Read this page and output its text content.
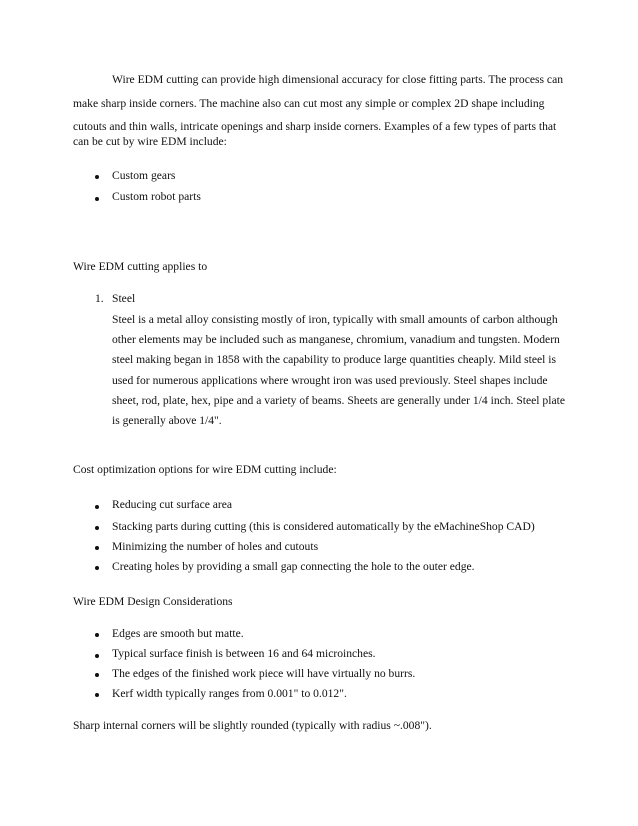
Wire EDM cutting can provide high dimensional accuracy for close fitting parts. The process can
make sharp inside corners. The machine also can cut most any simple or complex 2D shape including
cutouts and thin walls, intricate openings and sharp inside corners. Examples of a few types of parts that
can be cut by wire EDM include:
Custom gears
Custom robot parts
Wire EDM cutting applies to
1. Steel
Steel is a metal alloy consisting mostly of iron, typically with small amounts of carbon although
other elements may be included such as manganese, chromium, vanadium and tungsten. Modern
steel making began in 1858 with the capability to produce large quantities cheaply. Mild steel is
used for numerous applications where wrought iron was used previously. Steel shapes include
sheet, rod, plate, hex, pipe and a variety of beams. Sheets are generally under 1/4 inch. Steel plate
is generally above 1/4".
Cost optimization options for wire EDM cutting include:
Reducing cut surface area
Stacking parts during cutting (this is considered automatically by the eMachineShop CAD)
Minimizing the number of holes and cutouts
Creating holes by providing a small gap connecting the hole to the outer edge.
Wire EDM Design Considerations
Edges are smooth but matte.
Typical surface finish is between 16 and 64 microinches.
The edges of the finished work piece will have virtually no burrs.
Kerf width typically ranges from 0.001" to 0.012".
Sharp internal corners will be slightly rounded (typically with radius ~.008").
